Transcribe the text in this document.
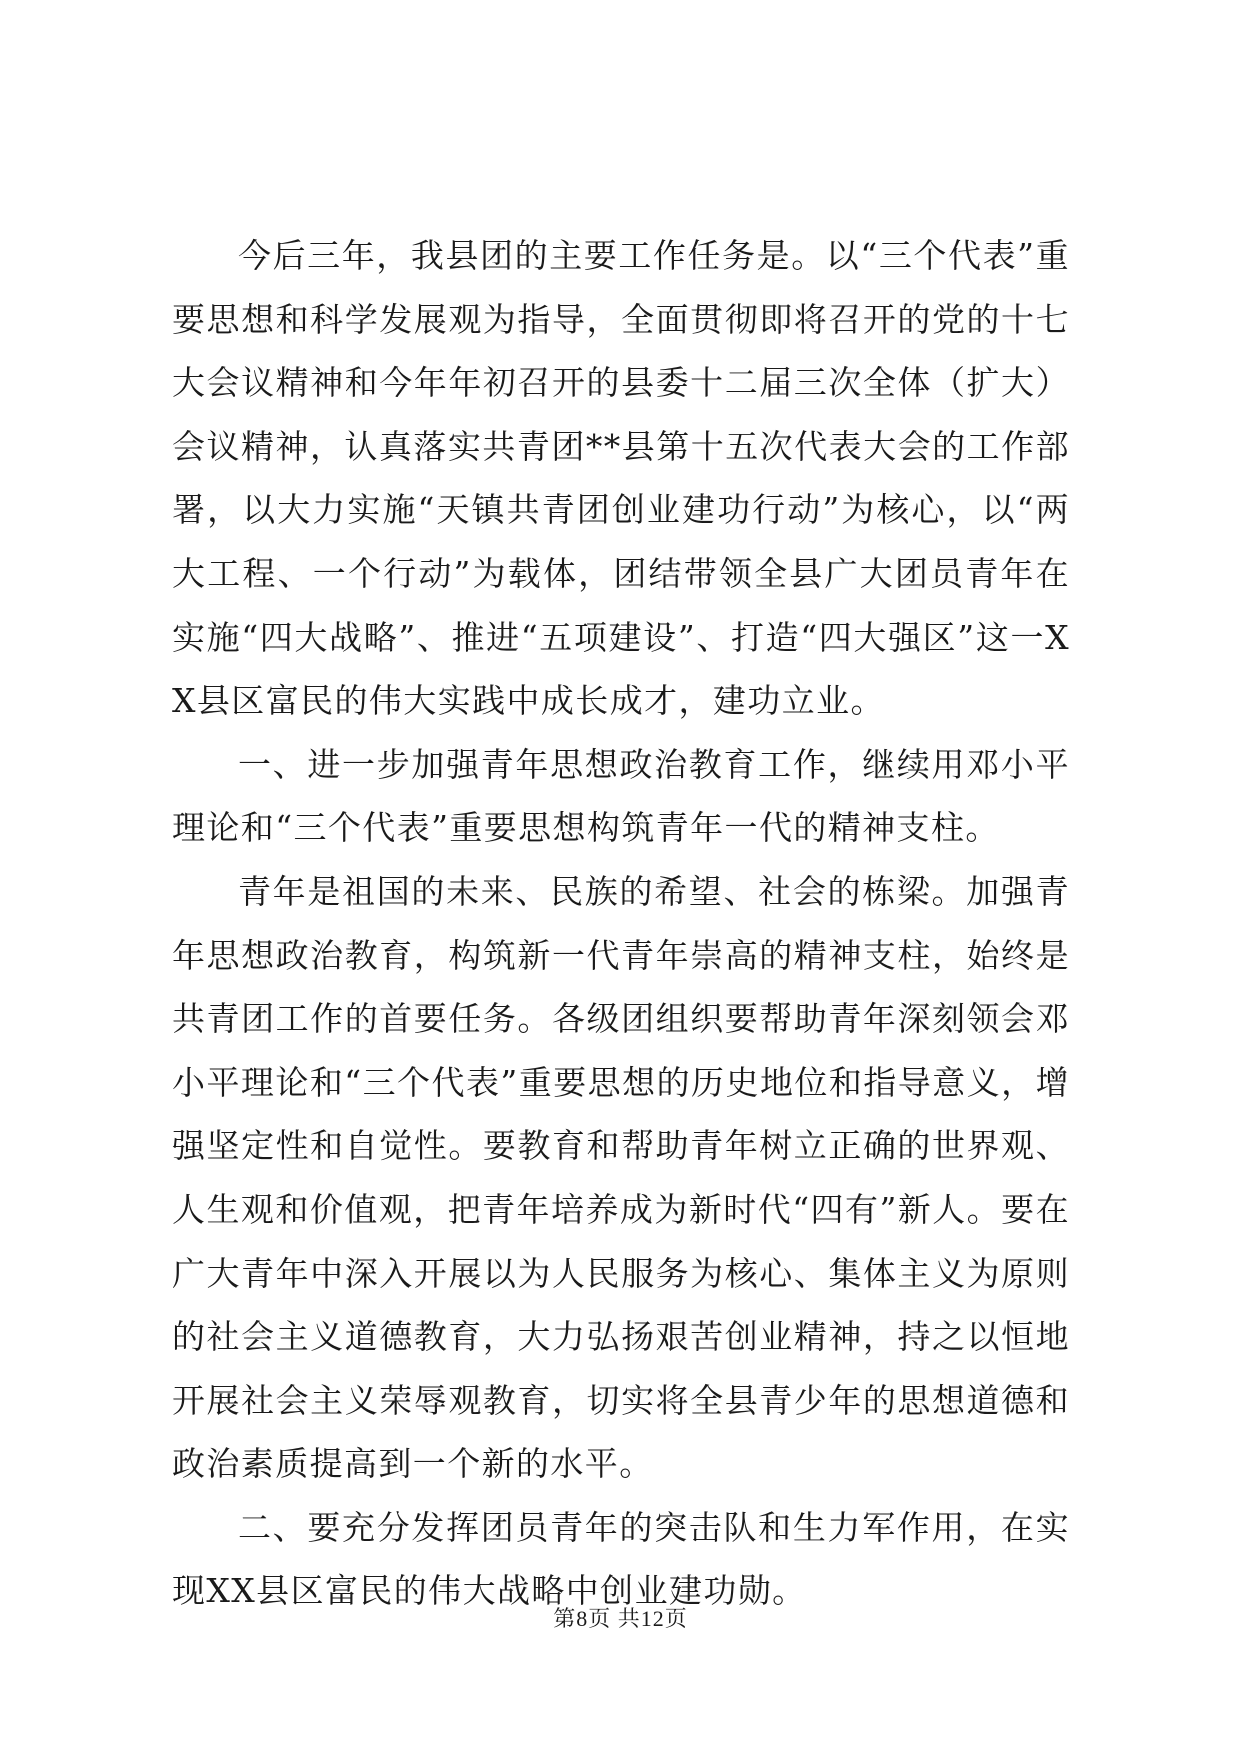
今后三年，我县团的主要工作任务是。以“三个代表”重要思想和科学发展观为指导，全面贯彻即将召开的党的十七大会议精神和今年年初召开的县委十二届三次全体（扩大）会议精神，认真落实共青团**县第十五次代表大会的工作部署，以大力实施“天镇共青团创业建功行动”为核心，以“两大工程、一个行动”为载体，团结带领全县广大团员青年在实施“四大战略”、推进“五项建设”、打造“四大强区”这一XX县区富民的伟大实践中成长成才，建功立业。

一、进一步加强青年思想政治教育工作，继续用邓小平理论和“三个代表”重要思想构筑青年一代的精神支柱。

青年是祖国的未来、民族的希望、社会的栋梁。加强青年思想政治教育，构筑新一代青年崇高的精神支柱，始终是共青团工作的首要任务。各级团组织要帮助青年深刻领会邓小平理论和“三个代表”重要思想的历史地位和指导意义，增强坚定性和自觉性。要教育和帮助青年树立正确的世界观、人生观和价值观，把青年培养成为新时代“四有”新人。要在广大青年中深入开展以为人民服务为核心、集体主义为原则的社会主义道德教育，大力弘扬艰苦创业精神，持之以恒地开展社会主义荣辱观教育，切实将全县青少年的思想道德和政治素质提高到一个新的水平。

二、要充分发挥团员青年的突击队和生力军作用，在实现XX县区富民的伟大战略中创业建功勋。

第8页 共12页
